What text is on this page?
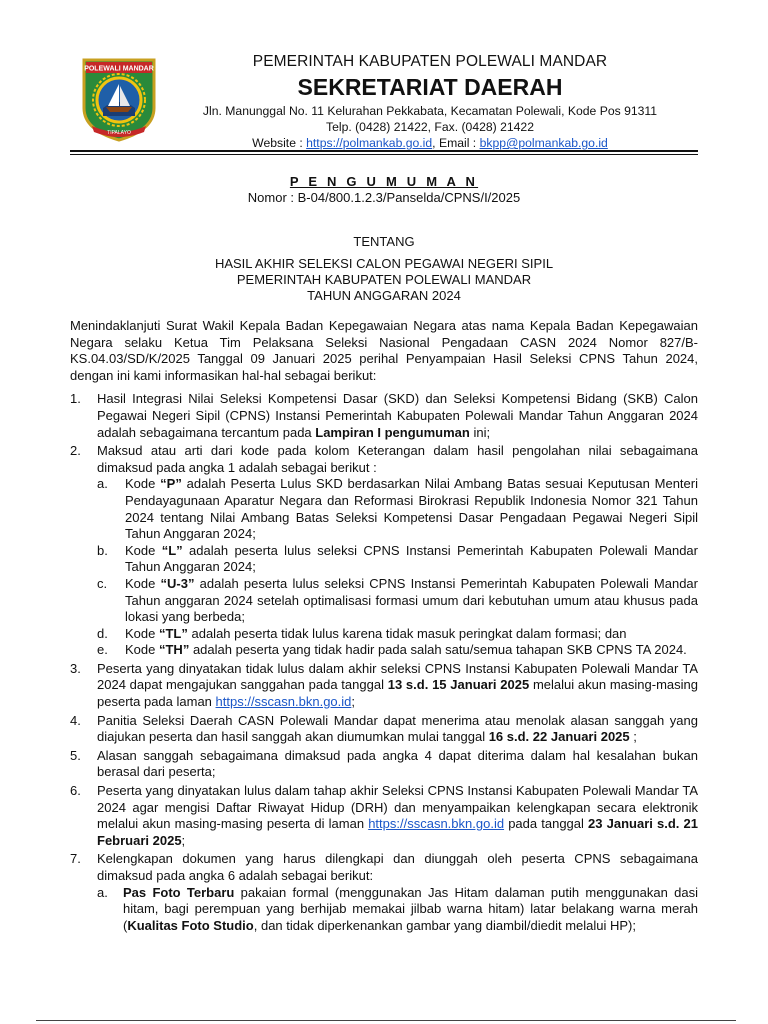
POLEWALI MANDAR
TIPALAYO
PEMERINTAH KABUPATEN POLEWALI MANDAR
SEKRETARIAT DAERAH
Jln. Manunggal No. 11 Kelurahan Pekkabata, Kecamatan Polewali, Kode Pos 91311
Telp. (0428) 21422, Fax. (0428) 21422
Website : https://polmankab.go.id, Email : bkpp@polmankab.go.id
P E N G U M U M A N
Nomor : B-04/800.1.2.3/Panselda/CPNS/I/2025
TENTANG
HASIL AKHIR SELEKSI CALON PEGAWAI NEGERI SIPIL
PEMERINTAH KABUPATEN POLEWALI MANDAR
TAHUN ANGGARAN 2024

Menindaklanjuti Surat Wakil Kepala Badan Kepegawaian Negara atas nama Kepala Badan Kepegawaian Negara selaku Ketua Tim Pelaksana Seleksi Nasional Pengadaan CASN 2024 Nomor 827/B-KS.04.03/SD/K/2025 Tanggal 09 Januari 2025 perihal Penyampaian Hasil Seleksi CPNS Tahun 2024, dengan ini kami informasikan hal-hal sebagai berikut:

1. Hasil Integrasi Nilai Seleksi Kompetensi Dasar (SKD) dan Seleksi Kompetensi Bidang (SKB) Calon Pegawai Negeri Sipil (CPNS) Instansi Pemerintah Kabupaten Polewali Mandar Tahun Anggaran 2024 adalah sebagaimana tercantum pada Lampiran I pengumuman ini;
2. Maksud atau arti dari kode pada kolom Keterangan dalam hasil pengolahan nilai sebagaimana dimaksud pada angka 1 adalah sebagai berikut :
a. Kode “P” adalah Peserta Lulus SKD berdasarkan Nilai Ambang Batas sesuai Keputusan Menteri Pendayagunaan Aparatur Negara dan Reformasi Birokrasi Republik Indonesia Nomor 321 Tahun 2024 tentang Nilai Ambang Batas Seleksi Kompetensi Dasar Pengadaan Pegawai Negeri Sipil Tahun Anggaran 2024;
b. Kode “L” adalah peserta lulus seleksi CPNS Instansi Pemerintah Kabupaten Polewali Mandar Tahun Anggaran 2024;
c. Kode “U-3” adalah peserta lulus seleksi CPNS Instansi Pemerintah Kabupaten Polewali Mandar Tahun anggaran 2024 setelah optimalisasi formasi umum dari kebutuhan umum atau khusus pada lokasi yang berbeda;
d. Kode “TL” adalah peserta tidak lulus karena tidak masuk peringkat dalam formasi; dan
e. Kode “TH” adalah peserta yang tidak hadir pada salah satu/semua tahapan SKB CPNS TA 2024.
3. Peserta yang dinyatakan tidak lulus dalam akhir seleksi CPNS Instansi Kabupaten Polewali Mandar TA 2024 dapat mengajukan sanggahan pada tanggal 13 s.d. 15 Januari 2025 melalui akun masing-masing peserta pada laman https://sscasn.bkn.go.id;
4. Panitia Seleksi Daerah CASN Polewali Mandar dapat menerima atau menolak alasan sanggah yang diajukan peserta dan hasil sanggah akan diumumkan mulai tanggal 16 s.d. 22 Januari 2025 ;
5. Alasan sanggah sebagaimana dimaksud pada angka 4 dapat diterima dalam hal kesalahan bukan berasal dari peserta;
6. Peserta yang dinyatakan lulus dalam tahap akhir Seleksi CPNS Instansi Kabupaten Polewali Mandar TA 2024 agar mengisi Daftar Riwayat Hidup (DRH) dan menyampaikan kelengkapan secara elektronik melalui akun masing-masing peserta di laman https://sscasn.bkn.go.id pada tanggal 23 Januari s.d. 21 Februari 2025;
7. Kelengkapan dokumen yang harus dilengkapi dan diunggah oleh peserta CPNS sebagaimana dimaksud pada angka 6 adalah sebagai berikut:
a. Pas Foto Terbaru pakaian formal (menggunakan Jas Hitam dalaman putih menggunakan dasi hitam, bagi perempuan yang berhijab memakai jilbab warna hitam) latar belakang warna merah (Kualitas Foto Studio, dan tidak diperkenankan gambar yang diambil/diedit melalui HP);
